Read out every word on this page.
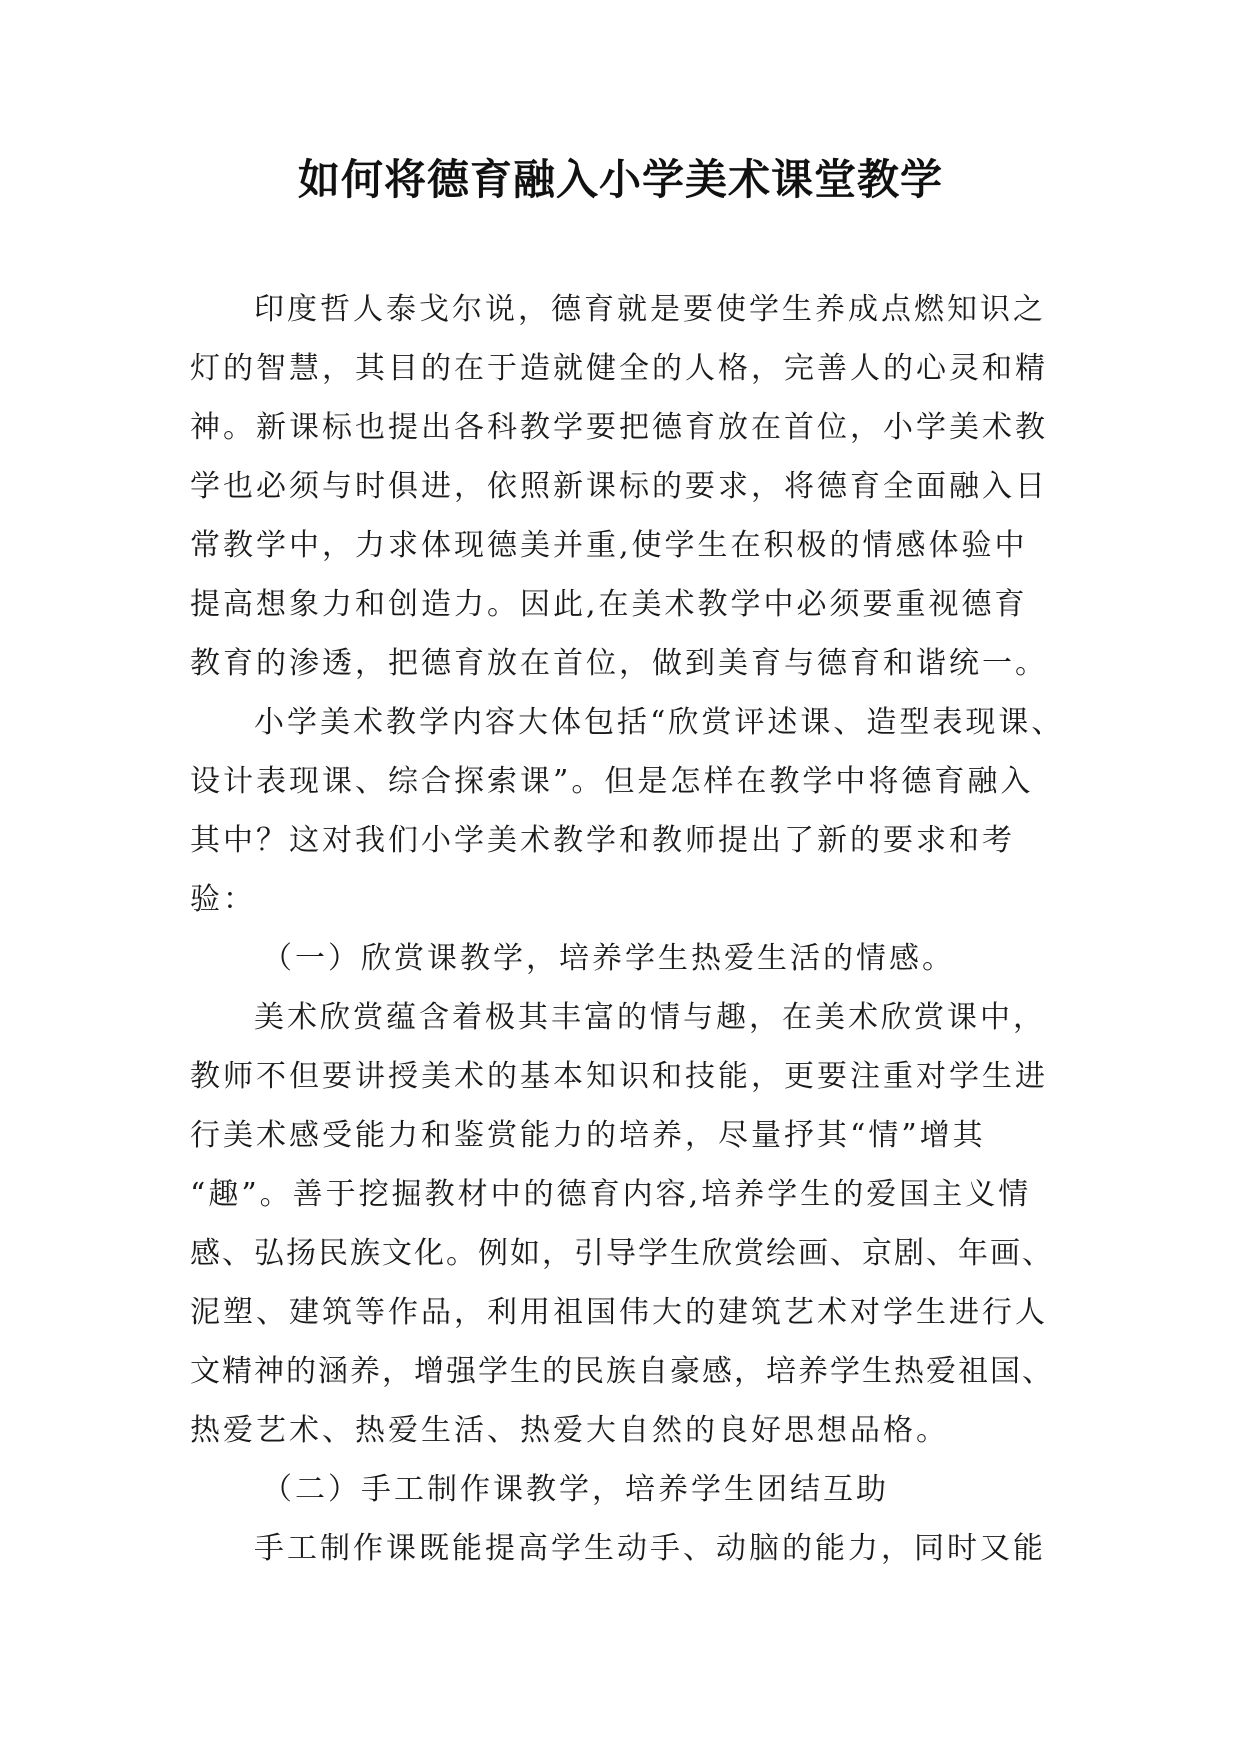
如何将德育融入小学美术课堂教学
印度哲人泰戈尔说，德育就是要使学生养成点燃知识之
灯的智慧，其目的在于造就健全的人格，完善人的心灵和精
神。新课标也提出各科教学要把德育放在首位，小学美术教
学也必须与时俱进，依照新课标的要求，将德育全面融入日
常教学中，力求体现德美并重,使学生在积极的情感体验中
提高想象力和创造力。因此,在美术教学中必须要重视德育
教育的渗透，把德育放在首位，做到美育与德育和谐统一。
小学美术教学内容大体包括“欣赏评述课、造型表现课、
设计表现课、综合探索课”。但是怎样在教学中将德育融入
其中？这对我们小学美术教学和教师提出了新的要求和考
验：
（一）欣赏课教学，培养学生热爱生活的情感。
美术欣赏蕴含着极其丰富的情与趣，在美术欣赏课中，
教师不但要讲授美术的基本知识和技能，更要注重对学生进
行美术感受能力和鉴赏能力的培养，尽量抒其“情”增其
“趣”。善于挖掘教材中的德育内容,培养学生的爱国主义情
感、弘扬民族文化。例如，引导学生欣赏绘画、京剧、年画、
泥塑、建筑等作品，利用祖国伟大的建筑艺术对学生进行人
文精神的涵养，增强学生的民族自豪感，培养学生热爱祖国、
热爱艺术、热爱生活、热爱大自然的良好思想品格。
（二）手工制作课教学，培养学生团结互助
手工制作课既能提高学生动手、动脑的能力，同时又能
